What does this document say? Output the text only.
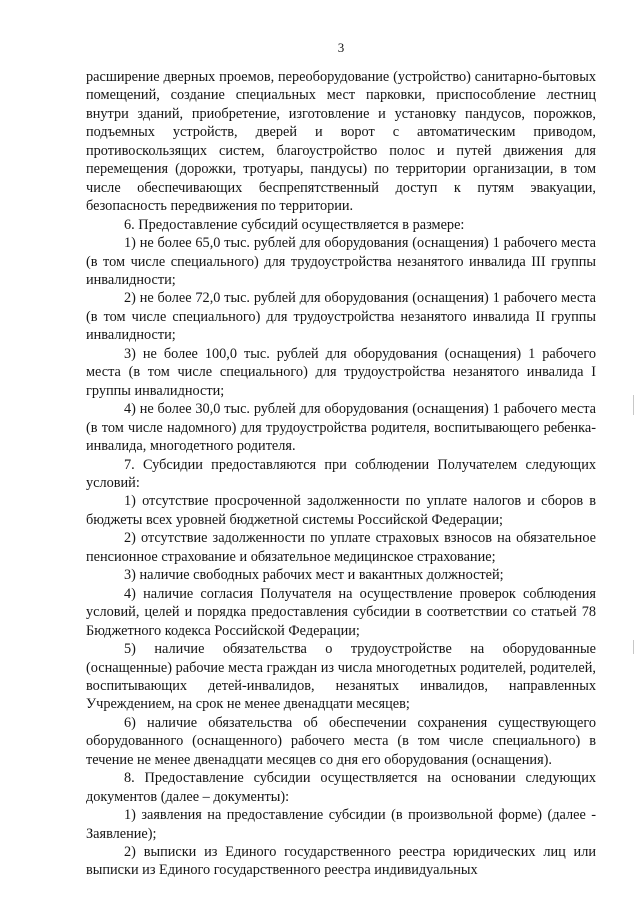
3

расширение дверных проемов, переоборудование (устройство) санитарно-бытовых помещений, создание специальных мест парковки, приспособление лестниц внутри зданий, приобретение, изготовление и установку пандусов, порожков, подъемных устройств, дверей и ворот с автоматическим приводом, противоскользящих систем, благоустройство полос и путей движения для перемещения (дорожки, тротуары, пандусы) по территории организации, в том числе обеспечивающих беспрепятственный доступ к путям эвакуации, безопасность передвижения по территории.

6. Предоставление субсидий осуществляется в размере:

1) не более 65,0 тыс. рублей для оборудования (оснащения) 1 рабочего места (в том числе специального) для трудоустройства незанятого инвалида III группы инвалидности;

2) не более 72,0 тыс. рублей для оборудования (оснащения) 1 рабочего места (в том числе специального) для трудоустройства незанятого инвалида II группы инвалидности;

3) не более 100,0 тыс. рублей для оборудования (оснащения) 1 рабочего места (в том числе специального) для трудоустройства незанятого инвалида I группы инвалидности;

4) не более 30,0 тыс. рублей для оборудования (оснащения) 1 рабочего места (в том числе надомного) для трудоустройства родителя, воспитывающего ребенка-инвалида, многодетного родителя.

7. Субсидии предоставляются при соблюдении Получателем следующих условий:

1) отсутствие просроченной задолженности по уплате налогов и сборов в бюджеты всех уровней бюджетной системы Российской Федерации;

2) отсутствие задолженности по уплате страховых взносов на обязательное пенсионное страхование и обязательное медицинское страхование;

3) наличие свободных рабочих мест и вакантных должностей;

4) наличие согласия Получателя на осуществление проверок соблюдения условий, целей и порядка предоставления субсидии в соответствии со статьей 78 Бюджетного кодекса Российской Федерации;

5) наличие обязательства о трудоустройстве на оборудованные (оснащенные) рабочие места граждан из числа многодетных родителей, родителей, воспитывающих детей-инвалидов, незанятых инвалидов, направленных Учреждением, на срок не менее двенадцати месяцев;

6) наличие обязательства об обеспечении сохранения существующего оборудованного (оснащенного) рабочего места (в том числе специального) в течение не менее двенадцати месяцев со дня его оборудования (оснащения).

8. Предоставление субсидии осуществляется на основании следующих документов (далее – документы):

1) заявления на предоставление субсидии (в произвольной форме) (далее - Заявление);

2) выписки из Единого государственного реестра юридических лиц или выписки из Единого государственного реестра индивидуальных
